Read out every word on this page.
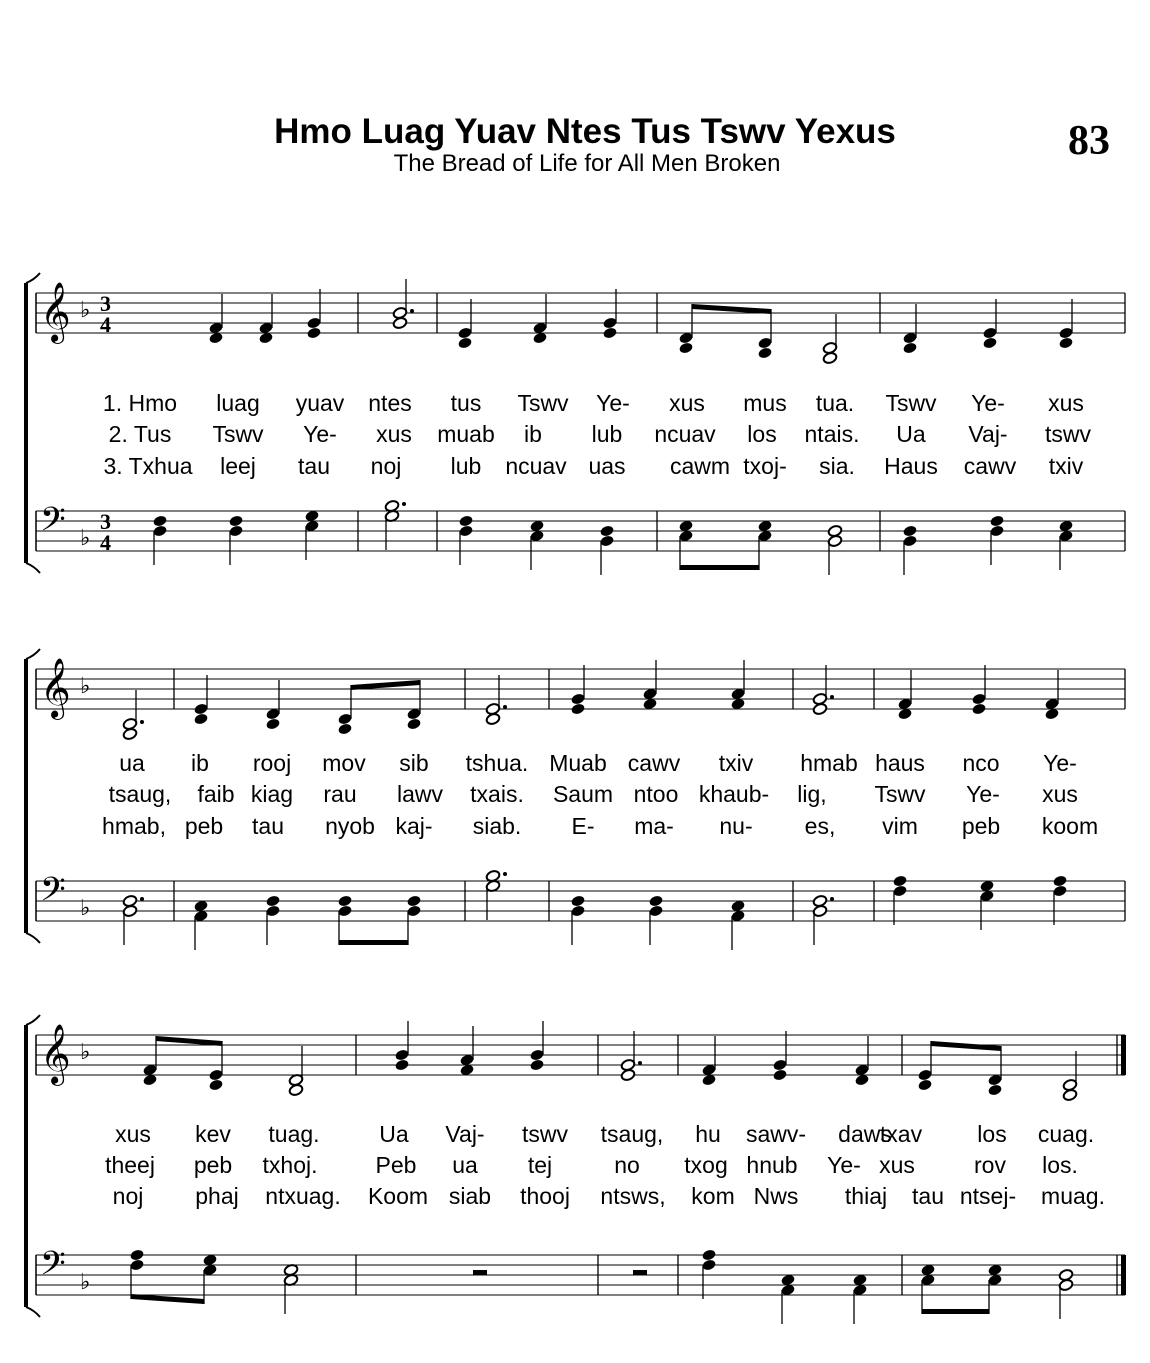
Hmo Luag Yuav Ntes Tus Tswv Yexus
The Bread of Life for All Men Broken	83
𝄞 ♭ 3
4
𝄢 ♭
3
4
𝄞 ♭
𝄢 ♭
𝄞 ♭
𝄢 ♭
1. Hmo luag yuav ntes tus Tswv Ye- xus mus tua. Tswv Ye- xus
2. Tus Tswv Ye- xus muab ib lub ncuav los ntais. Ua Vaj- tswv
3. Txhua leej tau noj lub ncuav uas cawm txoj- sia. Haus cawv txiv
ua ib rooj mov sib tshua. Muab cawv txiv hmab haus nco Ye-
tsaug, faib kiag rau lawv txais. Saum ntoo khaub- lig, Tswv Ye- xus
hmab, peb tau nyob kaj- siab. E- ma- nu- es, vim peb koom
xus kev tuag.	Ua Vaj- tswv tsaug, hu sawv- daws
txav los cuag.
theej peb txhoj.	Peb ua tej	no txog hnub Ye- xus	rov los.
noj phaj ntxuag. Koom siab thooj ntsws, kom Nws thiaj tau ntsej- muag.
